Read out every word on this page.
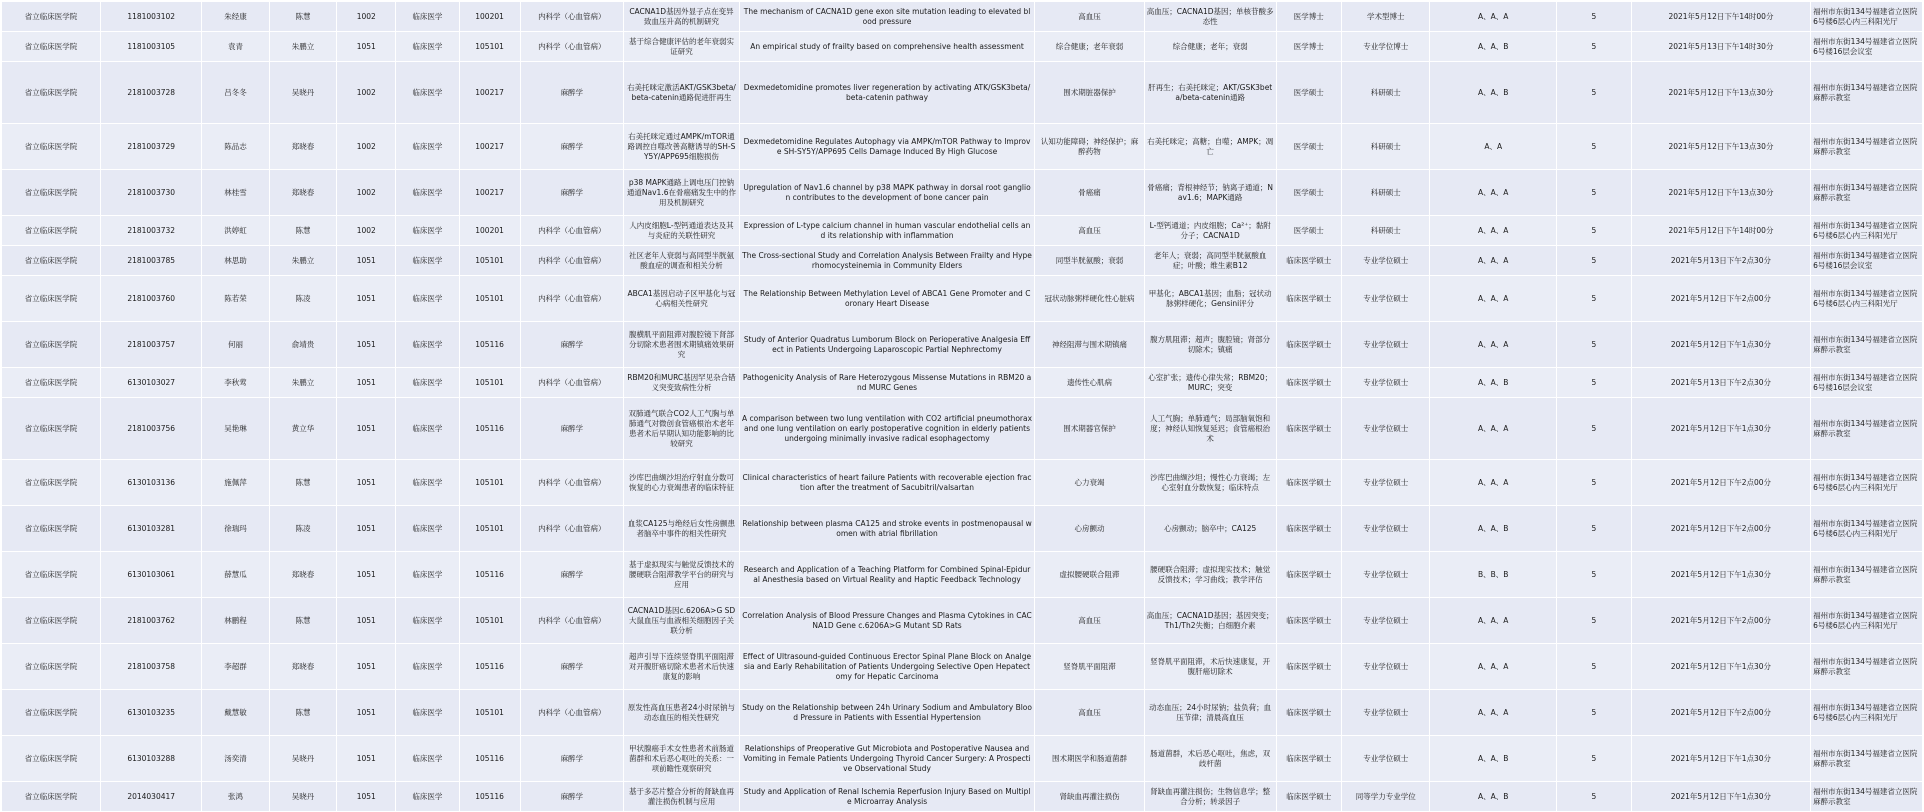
省立临床医学院	1181003102	朱经康	陈慧	1002	临床医学	100201	内科学（心血管病）	CACNA1D基因外显子点在变异致血压升高的机制研究	The mechanism of CACNA1D gene exon site mutation leading to elevated blood pressure	高血压	高血压；CACNA1D基因；单核苷酸多态性	医学博士	学术型博士	A、A、A	5	2021年5月12日下午14时00分	福州市东街134号福建省立医院6号楼6层心内三科阳光厅
省立临床医学院	1181003105	袁青	朱鹏立	1051	临床医学	105101	内科学（心血管病）	基于综合健康评估的老年衰弱实证研究	An empirical study of frailty based on comprehensive health assessment	综合健康；老年衰弱	综合健康；老年；衰弱	医学博士	专业学位博士	A、A、B	5	2021年5月13日下午14时30分	福州市东街134号福建省立医院6号楼16层会议室
省立临床医学院	2181003728	吕冬冬	吴晓丹	1002	临床医学	100217	麻醉学	右美托咪定激活AKT/GSK3beta/beta-catenin通路促进肝再生	Dexmedetomidine promotes liver regeneration by activating ATK/GSK3beta/beta-catenin pathway	围术期脏器保护	肝再生；右美托咪定；AKT/GSK3beta/beta-catenin通路	医学硕士	科研硕士	A、A、B	5	2021年5月12日下午13点30分	福州市东街134号福建省立医院麻醉示教室
省立临床医学院	2181003729	陈品志	郑晓春	1002	临床医学	100217	麻醉学	右美托咪定通过AMPK/mTOR通路调控自噬改善高糖诱导的SH-SY5Y/APP695细胞损伤	Dexmedetomidine Regulates Autophagy via AMPK/mTOR Pathway to Improve SH-SY5Y/APP695 Cells Damage Induced By High Glucose	认知功能障碍；神经保护；麻醉药物	右美托咪定；高糖；自噬；AMPK；凋亡	医学硕士	科研硕士	A、A	5	2021年5月12日下午13点30分	福州市东街134号福建省立医院麻醉示教室
省立临床医学院	2181003730	林桂雪	郑晓春	1002	临床医学	100217	麻醉学	p38 MAPK通路上调电压门控钠通道Nav1.6在骨癌痛发生中的作用及机制研究	Upregulation of Nav1.6 channel by p38 MAPK pathway in dorsal root ganglion contributes to the development of bone cancer pain	骨癌痛	骨癌痛；背根神经节；钠离子通道；Nav1.6；MAPK通路	医学硕士	科研硕士	A、A、A	5	2021年5月12日下午13点30分	福州市东街134号福建省立医院麻醉示教室
省立临床医学院	2181003732	洪婷虹	陈慧	1002	临床医学	100201	内科学（心血管病）	人内皮细胞L-型钙通道表达及其与炎症的关联性研究	Expression of L-type calcium channel in human vascular endothelial cells and its relationship with inflammation	高血压	L-型钙通道；内皮细胞；Ca²⁺；黏附分子；CACNA1D	医学硕士	科研硕士	A、A、A	5	2021年5月12日下午14时00分	福州市东街134号福建省立医院6号楼6层心内三科阳光厅
省立临床医学院	2181003785	林思助	朱鹏立	1051	临床医学	105101	内科学（心血管病）	社区老年人衰弱与高同型半胱氨酸血症的调查和相关分析	The Cross-sectional Study and Correlation Analysis Between Frailty and Hyperhomocysteinemia in Community Elders	同型半胱氨酸；衰弱	老年人；衰弱；高同型半胱氨酸血症；叶酸；维生素B12	临床医学硕士	专业学位硕士	A、A、A	5	2021年5月13日下午2点30分	福州市东街134号福建省立医院6号楼16层会议室
省立临床医学院	2181003760	陈若荣	陈凌	1051	临床医学	105101	内科学（心血管病）	ABCA1基因启动子区甲基化与冠心病相关性研究	The Relationship Between Methylation Level of ABCA1 Gene Promoter and Coronary Heart Disease	冠状动脉粥样硬化性心脏病	甲基化；ABCA1基因；血脂；冠状动脉粥样硬化；Gensini评分	临床医学硕士	专业学位硕士	A、A、A	5	2021年5月12日下午2点00分	福州市东街134号福建省立医院6号楼6层心内三科阳光厅
省立临床医学院	2181003757	何丽	俞靖贵	1051	临床医学	105116	麻醉学	腹横肌平面阻滞对腹腔镜下肾部分切除术患者围术期镇痛效果研究	Study of Anterior Quadratus Lumborum Block on Perioperative Analgesia Effect in Patients Undergoing Laparoscopic Partial Nephrectomy	神经阻滞与围术期镇痛	腹方肌阻滞；超声；腹腔镜；肾部分切除术；镇痛	临床医学硕士	专业学位硕士	A、A、A	5	2021年5月12日下午1点30分	福州市东街134号福建省立医院麻醉示教室
省立临床医学院	6130103027	李秋莺	朱鹏立	1051	临床医学	105101	内科学（心血管病）	RBM20和MURC基因罕见杂合错义突变致病性分析	Pathogenicity Analysis of Rare Heterozygous Missense Mutations in RBM20 and MURC Genes	遗传性心肌病	心室扩张；遗传心律失常；RBM20；MURC；突变	临床医学硕士	专业学位硕士	A、A、B	5	2021年5月13日下午2点30分	福州市东街134号福建省立医院6号楼16层会议室
省立临床医学院	2181003756	吴艳琳	黄立华	1051	临床医学	105116	麻醉学	双肺通气联合CO2人工气胸与单肺通气对微创食管癌根治术老年患者术后早期认知功能影响的比较研究	A comparison between two lung ventilation with CO2 artificial pneumothorax and one lung ventilation on early postoperative cognition in elderly patients undergoing minimally invasive radical esophagectomy	围术期器官保护	人工气胸；单肺通气；局部脑氧饱和度；神经认知恢复延迟；食管癌根治术	临床医学硕士	专业学位硕士	A、A、A	5	2021年5月12日下午1点30分	福州市东街134号福建省立医院麻醉示教室
省立临床医学院	6130103136	施佩萍	陈慧	1051	临床医学	105101	内科学（心血管病）	沙库巴曲缬沙坦治疗射血分数可恢复的心力衰竭患者的临床特征	Clinical characteristics of heart failure Patients with recoverable ejection fraction after the treatment of Sacubitril/valsartan	心力衰竭	沙库巴曲缬沙坦；慢性心力衰竭；左心室射血分数恢复；临床特点	临床医学硕士	专业学位硕士	A、A、A	5	2021年5月12日下午2点00分	福州市东街134号福建省立医院6号楼6层心内三科阳光厅
省立临床医学院	6130103281	徐瑞玛	陈凌	1051	临床医学	105101	内科学（心血管病）	血浆CA125与绝经后女性房颤患者脑卒中事件的相关性研究	Relationship between plasma CA125 and stroke events in postmenopausal women with atrial fibrillation	心房颤动	心房颤动；脑卒中；CA125	临床医学硕士	专业学位硕士	A、A、B	5	2021年5月12日下午2点00分	福州市东街134号福建省立医院6号楼6层心内三科阳光厅
省立临床医学院	6130103061	薛慧瓜	郑晓春	1051	临床医学	105116	麻醉学	基于虚拟现实与触觉反馈技术的腰硬联合阻滞教学平台的研究与应用	Research and Application of a Teaching Platform for Combined Spinal-Epidural Anesthesia based on Virtual Reality and Haptic Feedback Technology	虚拟腰硬联合阻滞	腰硬联合阻滞；虚拟现实技术；触觉反馈技术；学习曲线；教学评估	临床医学硕士	专业学位硕士	B、B、B	5	2021年5月12日下午1点30分	福州市东街134号福建省立医院麻醉示教室
省立临床医学院	2181003762	林鹏程	陈慧	1051	临床医学	105101	内科学（心血管病）	CACNA1D基因c.6206A>G SD大鼠血压与血液相关细胞因子关联分析	Correlation Analysis of Blood Pressure Changes and Plasma Cytokines in CACNA1D Gene c.6206A>G Mutant SD Rats	高血压	高血压；CACNA1D基因；基因突变；Th1/Th2失衡；白细胞介素	临床医学硕士	专业学位硕士	A、A、A	5	2021年5月12日下午2点00分	福州市东街134号福建省立医院6号楼6层心内三科阳光厅
省立临床医学院	2181003758	李超群	郑晓春	1051	临床医学	105116	麻醉学	超声引导下连续竖脊肌平面阻滞对开腹肝癌切除术患者术后快速康复的影响	Effect of Ultrasound-guided Continuous Erector Spinal Plane Block on Analgesia and Early Rehabilitation of Patients Undergoing Selective Open Hepatectomy for Hepatic Carcinoma	竖脊肌平面阻滞	竖脊肌平面阻滞，术后快速康复，开腹肝癌切除术	临床医学硕士	专业学位硕士	A、A、A	5	2021年5月12日下午1点30分	福州市东街134号福建省立医院麻醉示教室
省立临床医学院	6130103235	戴慧敏	陈慧	1051	临床医学	105101	内科学（心血管病）	原发性高血压患者24小时尿钠与动态血压的相关性研究	Study on the Relationship between 24h Urinary Sodium and Ambulatory Blood Pressure in Patients with Essential Hypertension	高血压	动态血压；24小时尿钠；盐负荷；血压节律；清晨高血压	临床医学硕士	专业学位硕士	A、A、A	5	2021年5月12日下午2点00分	福州市东街134号福建省立医院6号楼6层心内三科阳光厅
省立临床医学院	6130103288	汤奕清	吴晓丹	1051	临床医学	105116	麻醉学	甲状腺癌手术女性患者术前肠道菌群和术后恶心呕吐的关系：一项前瞻性观察研究	Relationships of Preoperative Gut Microbiota and Postoperative Nausea and Vomiting in Female Patients Undergoing Thyroid Cancer Surgery: A Prospective Observational Study	围术期医学和肠道菌群	肠道菌群，术后恶心呕吐，焦虑，双歧杆菌	临床医学硕士	专业学位硕士	A、A、B	5	2021年5月12日下午1点30分	福州市东街134号福建省立医院麻醉示教室
省立临床医学院	2014030417	张鸿	吴晓丹	1051	临床医学	105116	麻醉学	基于多芯片整合分析的肾缺血再灌注损伤机制与应用	Study and Application of Renal Ischemia Reperfusion Injury Based on Multiple Microarray Analysis	肾缺血再灌注损伤	肾缺血再灌注损伤；生物信息学；整合分析；转录因子	临床医学硕士	同等学力专业学位	A、A、B	5	2021年5月12日下午1点30分	福州市东街134号福建省立医院麻醉示教室
